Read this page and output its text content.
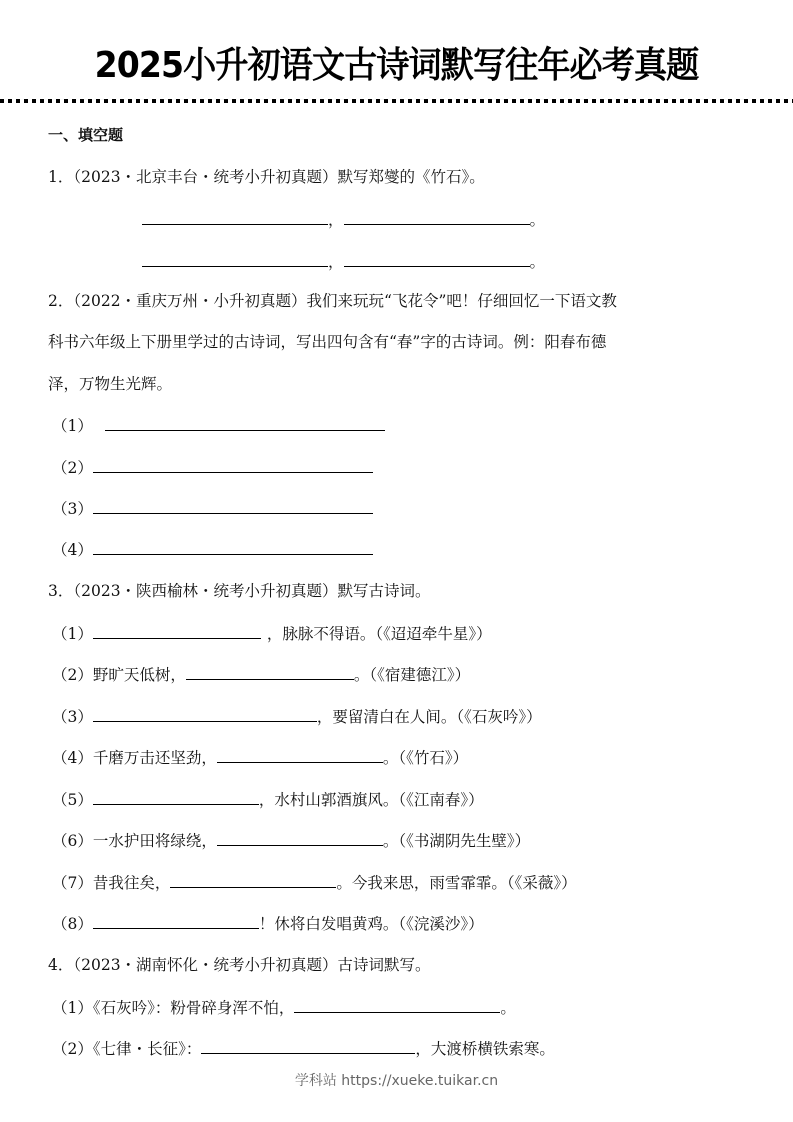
2025小升初语文古诗词默写往年必考真题
一、填空题
1．（2023・北京丰台・统考小升初真题）默写郑燮的《竹石》。
，	。
，	。
2．（2022・重庆万州・小升初真题）我们来玩玩“飞花令”吧！仔细回忆一下语文教
科书六年级上下册里学过的古诗词，写出四句含有“春”字的古诗词。例：阳春布德
泽，万物生光辉。
（1）
（2）
（3）
（4）
3．（2023・陕西榆林・统考小升初真题）默写古诗词。
（1）	，脉脉不得语。（《迢迢牵牛星》）
（2）野旷天低树，	。（《宿建德江》）
（3）	，要留清白在人间。（《石灰吟》）
（4）千磨万击还坚劲，	。（《竹石》）
（5）	，水村山郭酒旗风。（《江南春》）
（6）一水护田将绿绕，	。（《书湖阴先生壁》）
（7）昔我往矣，	。今我来思，雨雪霏霏。（《采薇》）
（8）	！休将白发唱黄鸡。（《浣溪沙》）
4．（2023・湖南怀化・统考小升初真题）古诗词默写。
（1）《石灰吟》：粉骨碎身浑不怕，	。
（2）《七律・长征》：	，大渡桥横铁索寒。
学科站 https://xueke.tuikar.cn
